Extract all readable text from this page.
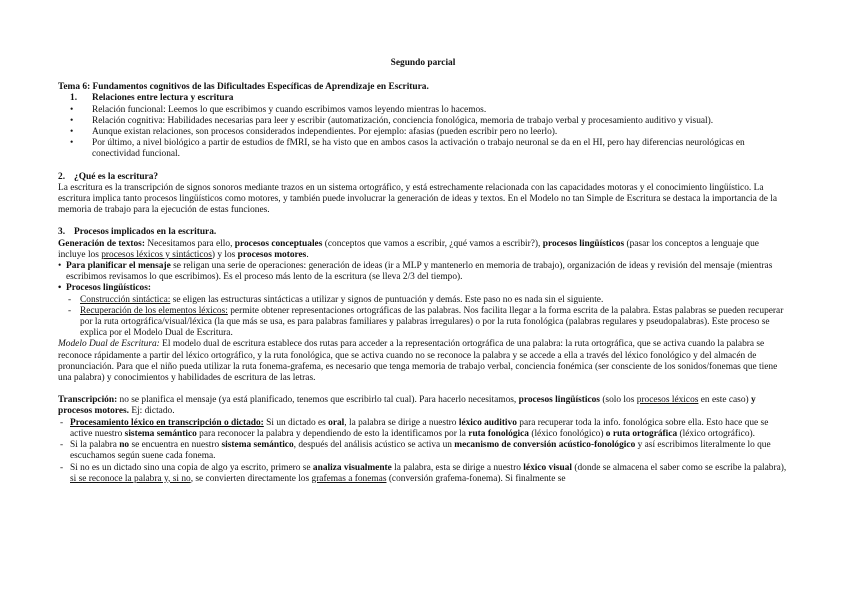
Segundo parcial
Tema 6: Fundamentos cognitivos de las Dificultades Específicas de Aprendizaje en Escritura.
1.	Relaciones entre lectura y escritura
• Relación funcional: Leemos lo que escribimos y cuando escribimos vamos leyendo mientras lo hacemos.
• Relación cognitiva: Habilidades necesarias para leer y escribir (automatización, conciencia fonológica, memoria de trabajo verbal y procesamiento auditivo y visual).
• Aunque existan relaciones, son procesos considerados independientes. Por ejemplo: afasias (pueden escribir pero no leerlo).
• Por último, a nivel biológico a partir de estudios de fMRI, se ha visto que en ambos casos la activación o trabajo neuronal se da en el HI, pero hay diferencias neurológicas en conectividad funcional.
2. ¿Qué es la escritura?

La escritura es la transcripción de signos sonoros mediante trazos en un sistema ortográfico, y está estrechamente relacionada con las capacidades motoras y el conocimiento lingüístico. La escritura implica tanto procesos lingüísticos como motores, y también puede involucrar la generación de ideas y textos. En el Modelo no tan Simple de Escritura se destaca la importancia de la memoria de trabajo para la ejecución de estas funciones.

3. Procesos implicados en la escritura.

Generación de textos: Necesitamos para ello, procesos conceptuales (conceptos que vamos a escribir, ¿qué vamos a escribir?), procesos lingüísticos (pasar los conceptos a lenguaje que incluye los procesos léxicos y sintácticos) y los procesos motores.

• Para planificar el mensaje se religan una serie de operaciones: generación de ideas (ir a MLP y mantenerlo en memoria de trabajo), organización de ideas y revisión del mensaje (mientras escribimos revisamos lo que escribimos). Es el proceso más lento de la escritura (se lleva 2/3 del tiempo).
• Procesos lingüísticos:
- Construcción sintáctica: se eligen las estructuras sintácticas a utilizar y signos de puntuación y demás. Este paso no es nada sin el siguiente.
- Recuperación de los elementos léxicos: permite obtener representaciones ortográficas de las palabras. Nos facilita llegar a la forma escrita de la palabra. Estas palabras se pueden recuperar por la ruta ortográfica/visual/léxica (la que más se usa, es para palabras familiares y palabras irregulares) o por la ruta fonológica (palabras regulares y pseudopalabras). Este proceso se explica por el Modelo Dual de Escritura.

Modelo Dual de Escritura: El modelo dual de escritura establece dos rutas para acceder a la representación ortográfica de una palabra: la ruta ortográfica, que se activa cuando la palabra se reconoce rápidamente a partir del léxico ortográfico, y la ruta fonológica, que se activa cuando no se reconoce la palabra y se accede a ella a través del léxico fonológico y del almacén de pronunciación. Para que el niño pueda utilizar la ruta fonema-grafema, es necesario que tenga memoria de trabajo verbal, conciencia fonémica (ser consciente de los sonidos/fonemas que tiene una palabra) y conocimientos y habilidades de escritura de las letras.

Transcripción: no se planifica el mensaje (ya está planificado, tenemos que escribirlo tal cual). Para hacerlo necesitamos, procesos lingüísticos (solo los procesos léxicos en este caso) y procesos motores. Ej: dictado.

- Procesamiento léxico en transcripción o dictado: Si un dictado es oral, la palabra se dirige a nuestro léxico auditivo para recuperar toda la info. fonológica sobre ella. Esto hace que se active nuestro sistema semántico para reconocer la palabra y dependiendo de esto la identificamos por la ruta fonológica (léxico fonológico) o ruta ortográfica (léxico ortográfico).
- Si la palabra no se encuentra en nuestro sistema semántico, después del análisis acústico se activa un mecanismo de conversión acústico-fonológico y así escribimos literalmente lo que escuchamos según suene cada fonema.
- Si no es un dictado sino una copia de algo ya escrito, primero se analiza visualmente la palabra, esta se dirige a nuestro léxico visual (donde se almacena el saber como se escribe la palabra), si se reconoce la palabra y, si no, se convierten directamente los grafemas a fonemas (conversión grafema-fonema). Si finalmente se
